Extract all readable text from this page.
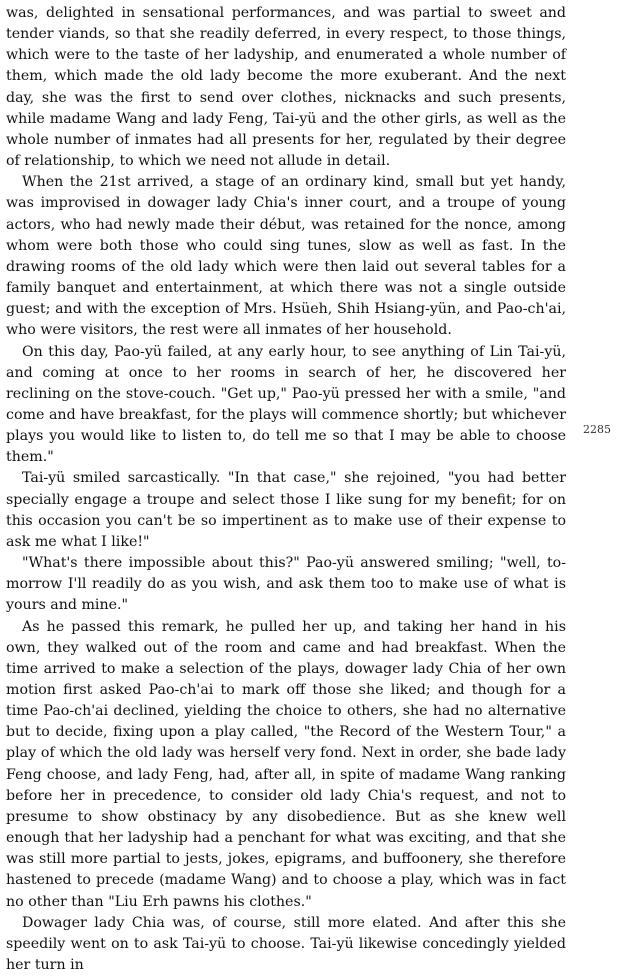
was, delighted in sensational performances, and was partial to sweet and tender viands, so that she readily deferred, in every respect, to those things, which were to the taste of her ladyship, and enumerated a whole number of them, which made the old lady become the more exuberant. And the next day, she was the first to send over clothes, nicknacks and such presents, while madame Wang and lady Feng, Tai-yü and the other girls, as well as the whole number of inmates had all presents for her, regulated by their degree of relationship, to which we need not allude in detail.

When the 21st arrived, a stage of an ordinary kind, small but yet handy, was improvised in dowager lady Chia's inner court, and a troupe of young actors, who had newly made their début, was retained for the nonce, among whom were both those who could sing tunes, slow as well as fast. In the drawing rooms of the old lady which were then laid out several tables for a family banquet and entertainment, at which there was not a single outside guest; and with the exception of Mrs. Hsüeh, Shih Hsiang-yün, and Pao-ch'ai, who were visitors, the rest were all inmates of her household.

On this day, Pao-yü failed, at any early hour, to see anything of Lin Tai-yü, and coming at once to her rooms in search of her, he discovered her reclining on the stove-couch. "Get up," Pao-yü pressed her with a smile, "and come and have breakfast, for the plays will commence shortly; but whichever plays you would like to listen to, do tell me so that I may be able to choose them."

Tai-yü smiled sarcastically. "In that case," she rejoined, "you had better specially engage a troupe and select those I like sung for my benefit; for on this occasion you can't be so impertinent as to make use of their expense to ask me what I like!"

"What's there impossible about this?" Pao-yü answered smiling; "well, to-morrow I'll readily do as you wish, and ask them too to make use of what is yours and mine."

As he passed this remark, he pulled her up, and taking her hand in his own, they walked out of the room and came and had breakfast. When the time arrived to make a selection of the plays, dowager lady Chia of her own motion first asked Pao-ch'ai to mark off those she liked; and though for a time Pao-ch'ai declined, yielding the choice to others, she had no alternative but to decide, fixing upon a play called, "the Record of the Western Tour," a play of which the old lady was herself very fond. Next in order, she bade lady Feng choose, and lady Feng, had, after all, in spite of madame Wang ranking before her in precedence, to consider old lady Chia's request, and not to presume to show obstinacy by any disobedience. But as she knew well enough that her ladyship had a penchant for what was exciting, and that she was still more partial to jests, jokes, epigrams, and buffoonery, she therefore hastened to precede (madame Wang) and to choose a play, which was in fact no other than "Liu Erh pawns his clothes."

Dowager lady Chia was, of course, still more elated. And after this she speedily went on to ask Tai-yü to choose. Tai-yü likewise concedingly yielded her turn in

2285
